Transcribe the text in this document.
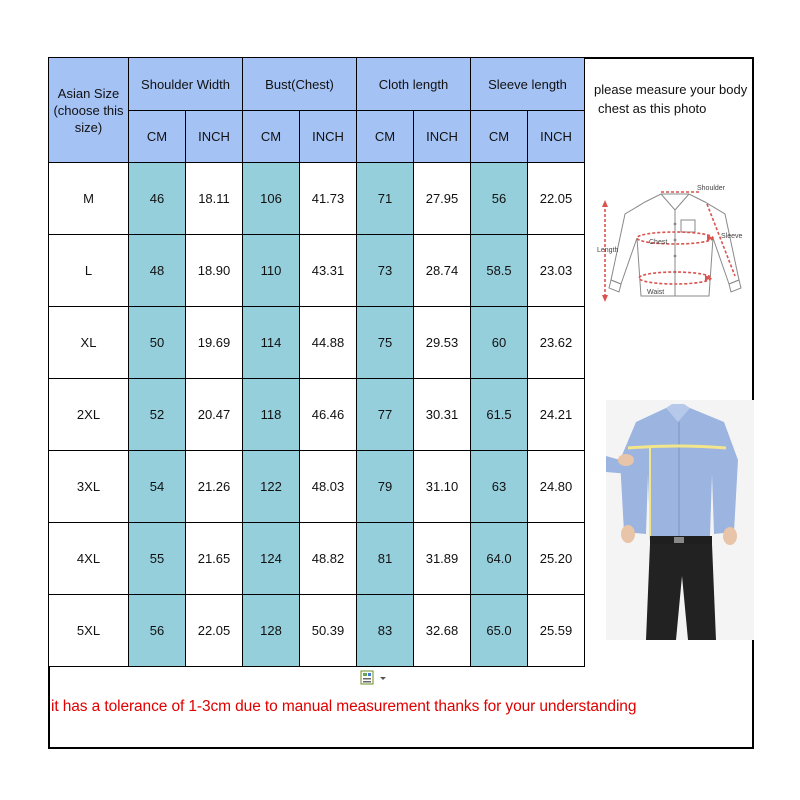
Asian Size
(choose this
size)	Shoulder Width		Bust(Chest)		Cloth length		Sleeve length	
	CM	INCH	CM	INCH	CM	INCH	CM	INCH
M	46	18.11	106	41.73	71	27.95	56	22.05
L	48	18.90	110	43.31	73	28.74	58.5	23.03
XL	50	19.69	114	44.88	75	29.53	60	23.62
2XL	52	20.47	118	46.46	77	30.31	61.5	24.21
3XL	54	21.26	122	48.03	79	31.10	63	24.80
4XL	55	21.65	124	48.82	81	31.89	64.0	25.20
5XL	56	22.05	128	50.39	83	32.68	65.0	25.59
please measure your body
chest as this photo
Shoulder
Sleeve
Chest
Length
Waist
it has a tolerance of 1-3cm due to manual measurement thanks for your understanding
